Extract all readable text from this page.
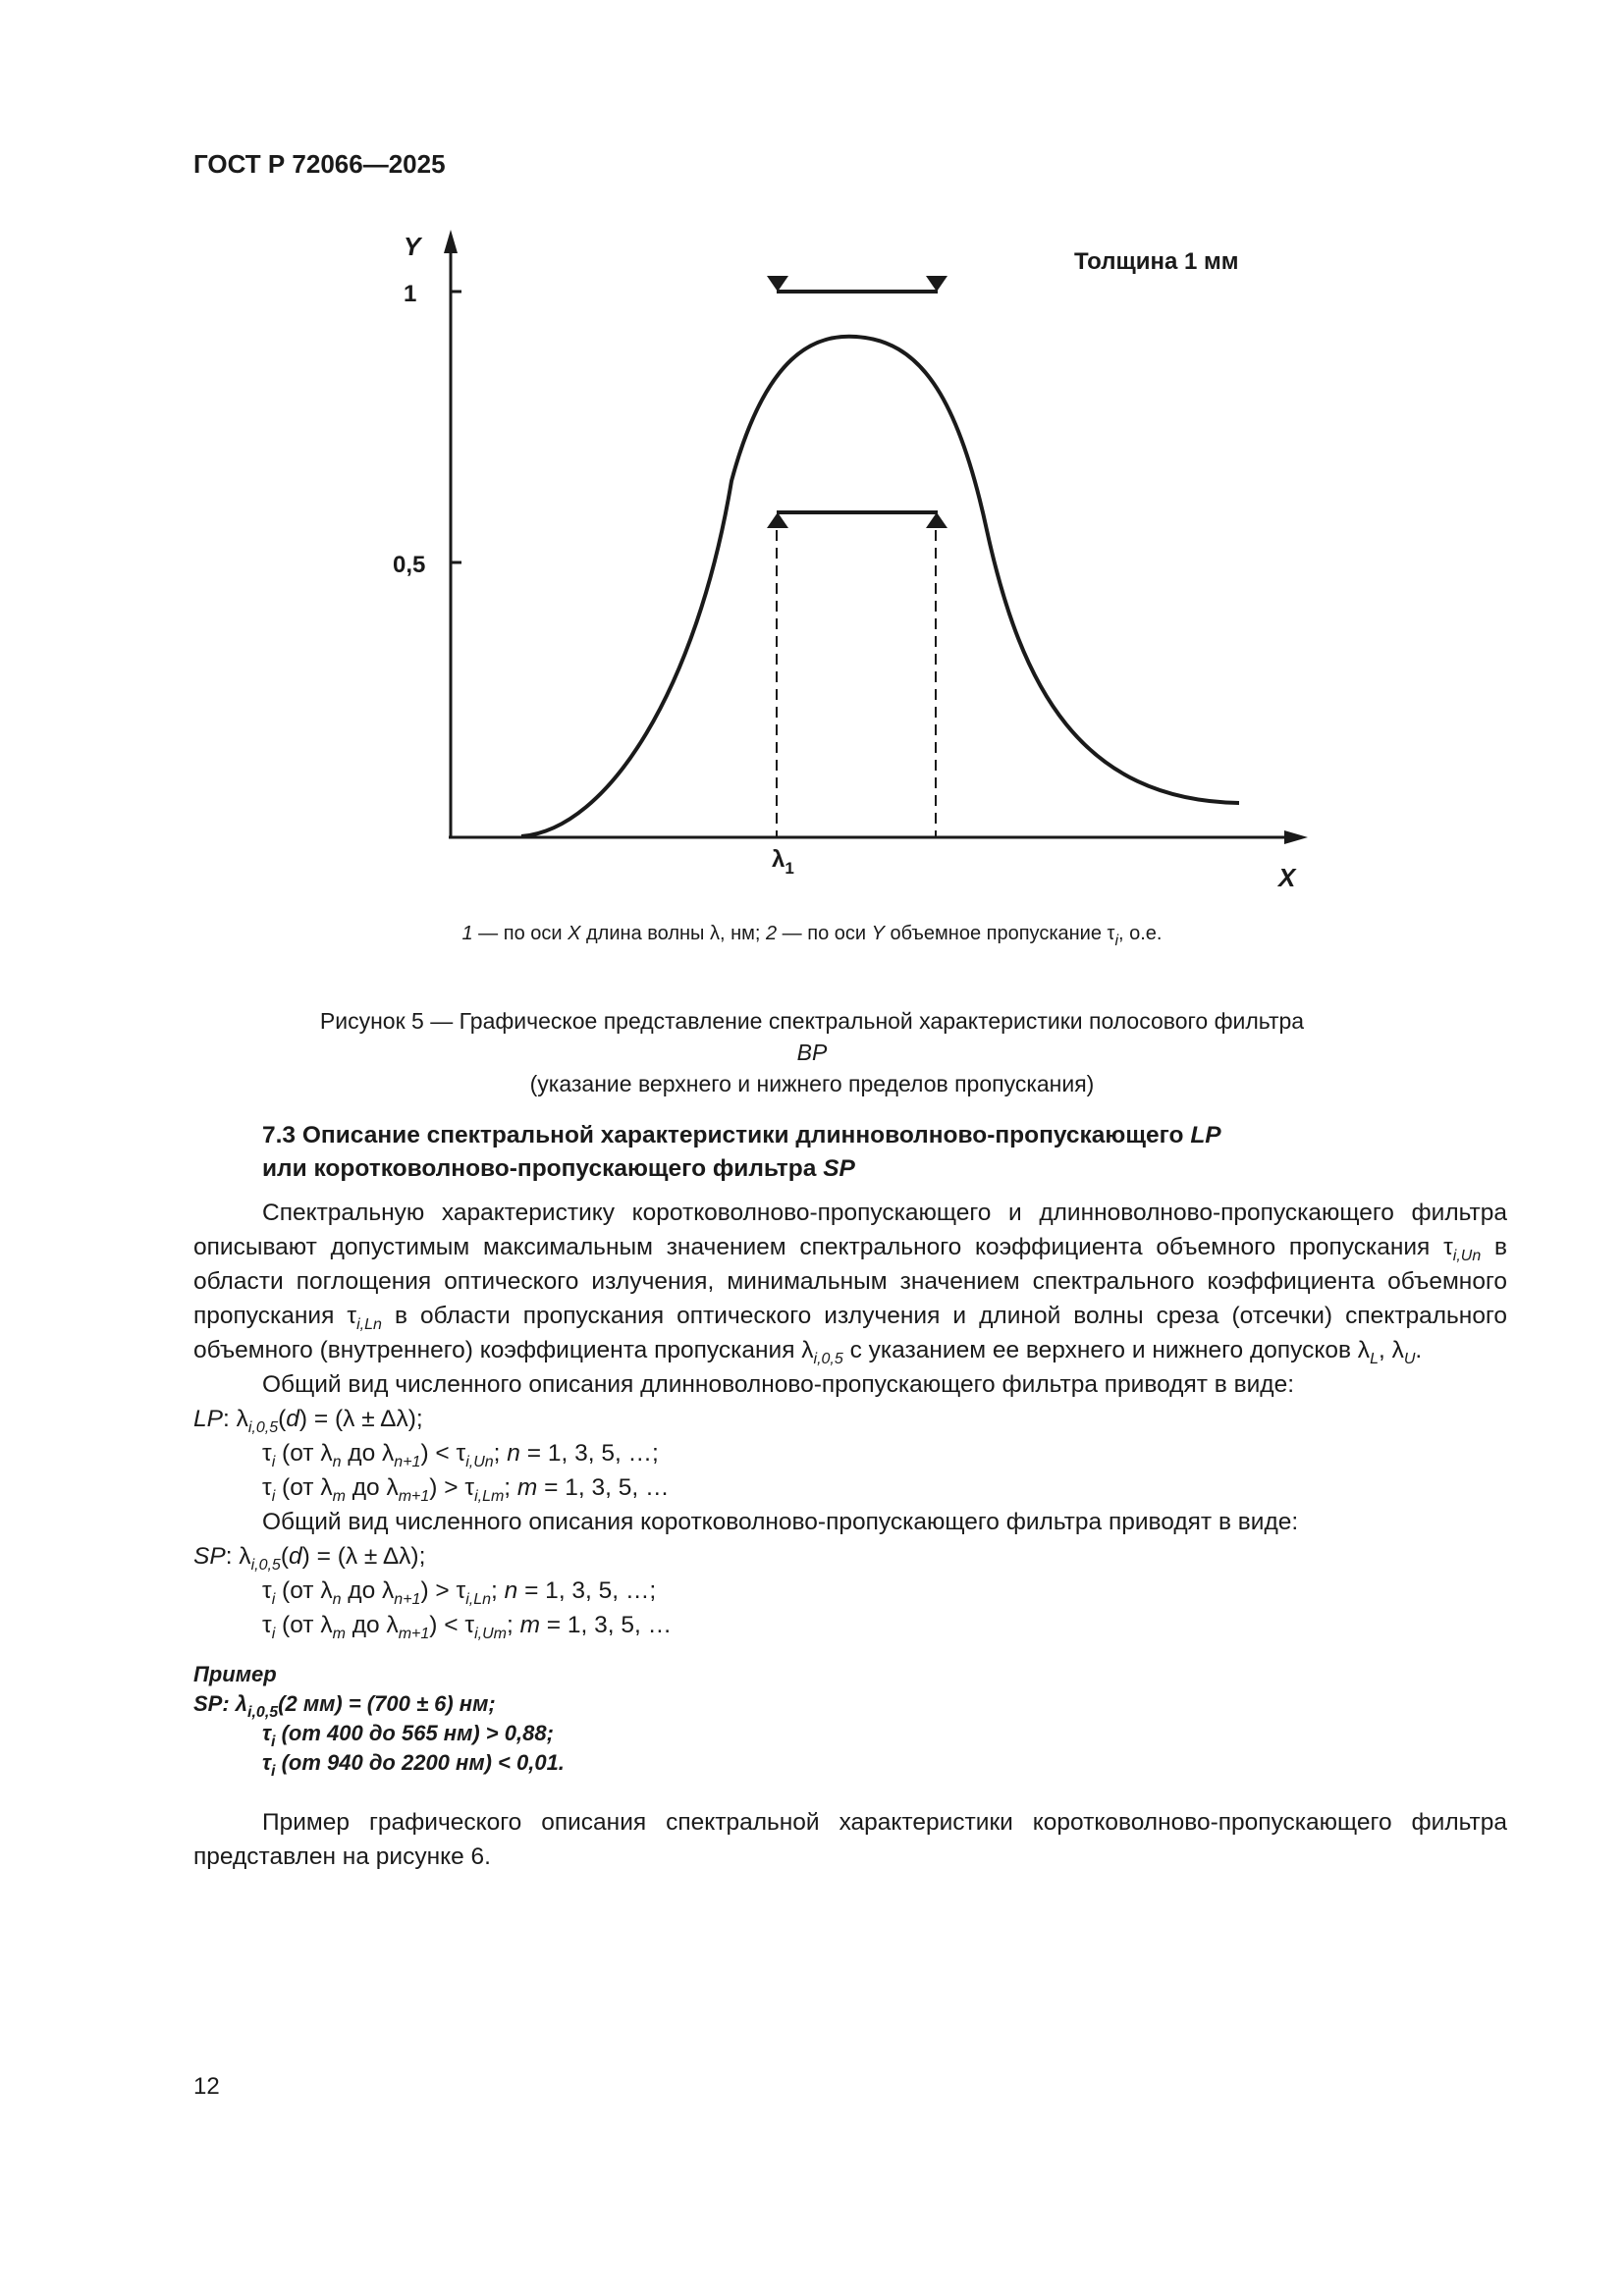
ГОСТ Р 72066—2025
Y
1
0,5
X
$\lambda_1$
Толщина 1 мм
1 — по оси X длина волны λ, нм; 2 — по оси Y объемное пропускание $\tau_i$, о.е.
Рисунок 5 — Графическое представление спектральной характеристики полосового фильтра
BP
(указание верхнего и нижнего пределов пропускания)
7.3 Описание спектральной характеристики длинноволново-пропускающего LP
или коротковолново-пропускающего фильтра SP
Спектральную характеристику коротковолново-пропускающего и длинноволново-пропускающего фильтра описывают допустимым максимальным значением спектрального коэффициента объемного пропускания $\tau_{i,Un}$ в области поглощения оптического излучения, минимальным значением спектрального коэффициента объемного пропускания $\tau_{i,Ln}$ в области пропускания оптического излучения и длиной волны среза (отсечки) спектрального объемного (внутреннего) коэффициента пропускания $\lambda_{i,0,5}$ с указанием ее верхнего и нижнего допусков $\lambda_L$, $\lambda_U$.
Общий вид численного описания длинноволново-пропускающего фильтра приводят в виде:
LP: $\lambda_{i,0,5}(d) = (\lambda \pm \Delta\lambda)$;
$\tau_i$ (от $\lambda_n$ до $\lambda_{n+1}) < \tau_{i,Un}$; n = 1, 3, 5, …;
$\tau_i$ (от $\lambda_m$ до $\lambda_{m+1}) > \tau_{i,Lm}$; m = 1, 3, 5, …
Общий вид численного описания коротковолново-пропускающего фильтра приводят в виде:
SP: $\lambda_{i,0,5}(d) = (\lambda \pm \Delta\lambda)$;
$\tau_i$ (от $\lambda_n$ до $\lambda_{n+1}) > \tau_{i,Ln}$; n = 1, 3, 5, …;
$\tau_i$ (от $\lambda_m$ до $\lambda_{m+1}) < \tau_{i,Um}$; m = 1, 3, 5, …
Пример
SP: $\lambda_{i,0,5}(2$ мм) = (700 ± 6) нм;
$\tau_i$ (от 400 до 565 нм) > 0,88;
$\tau_i$ (от 940 до 2200 нм) < 0,01.
Пример графического описания спектральной характеристики коротковолново-пропускающего фильтра представлен на рисунке 6.
12
